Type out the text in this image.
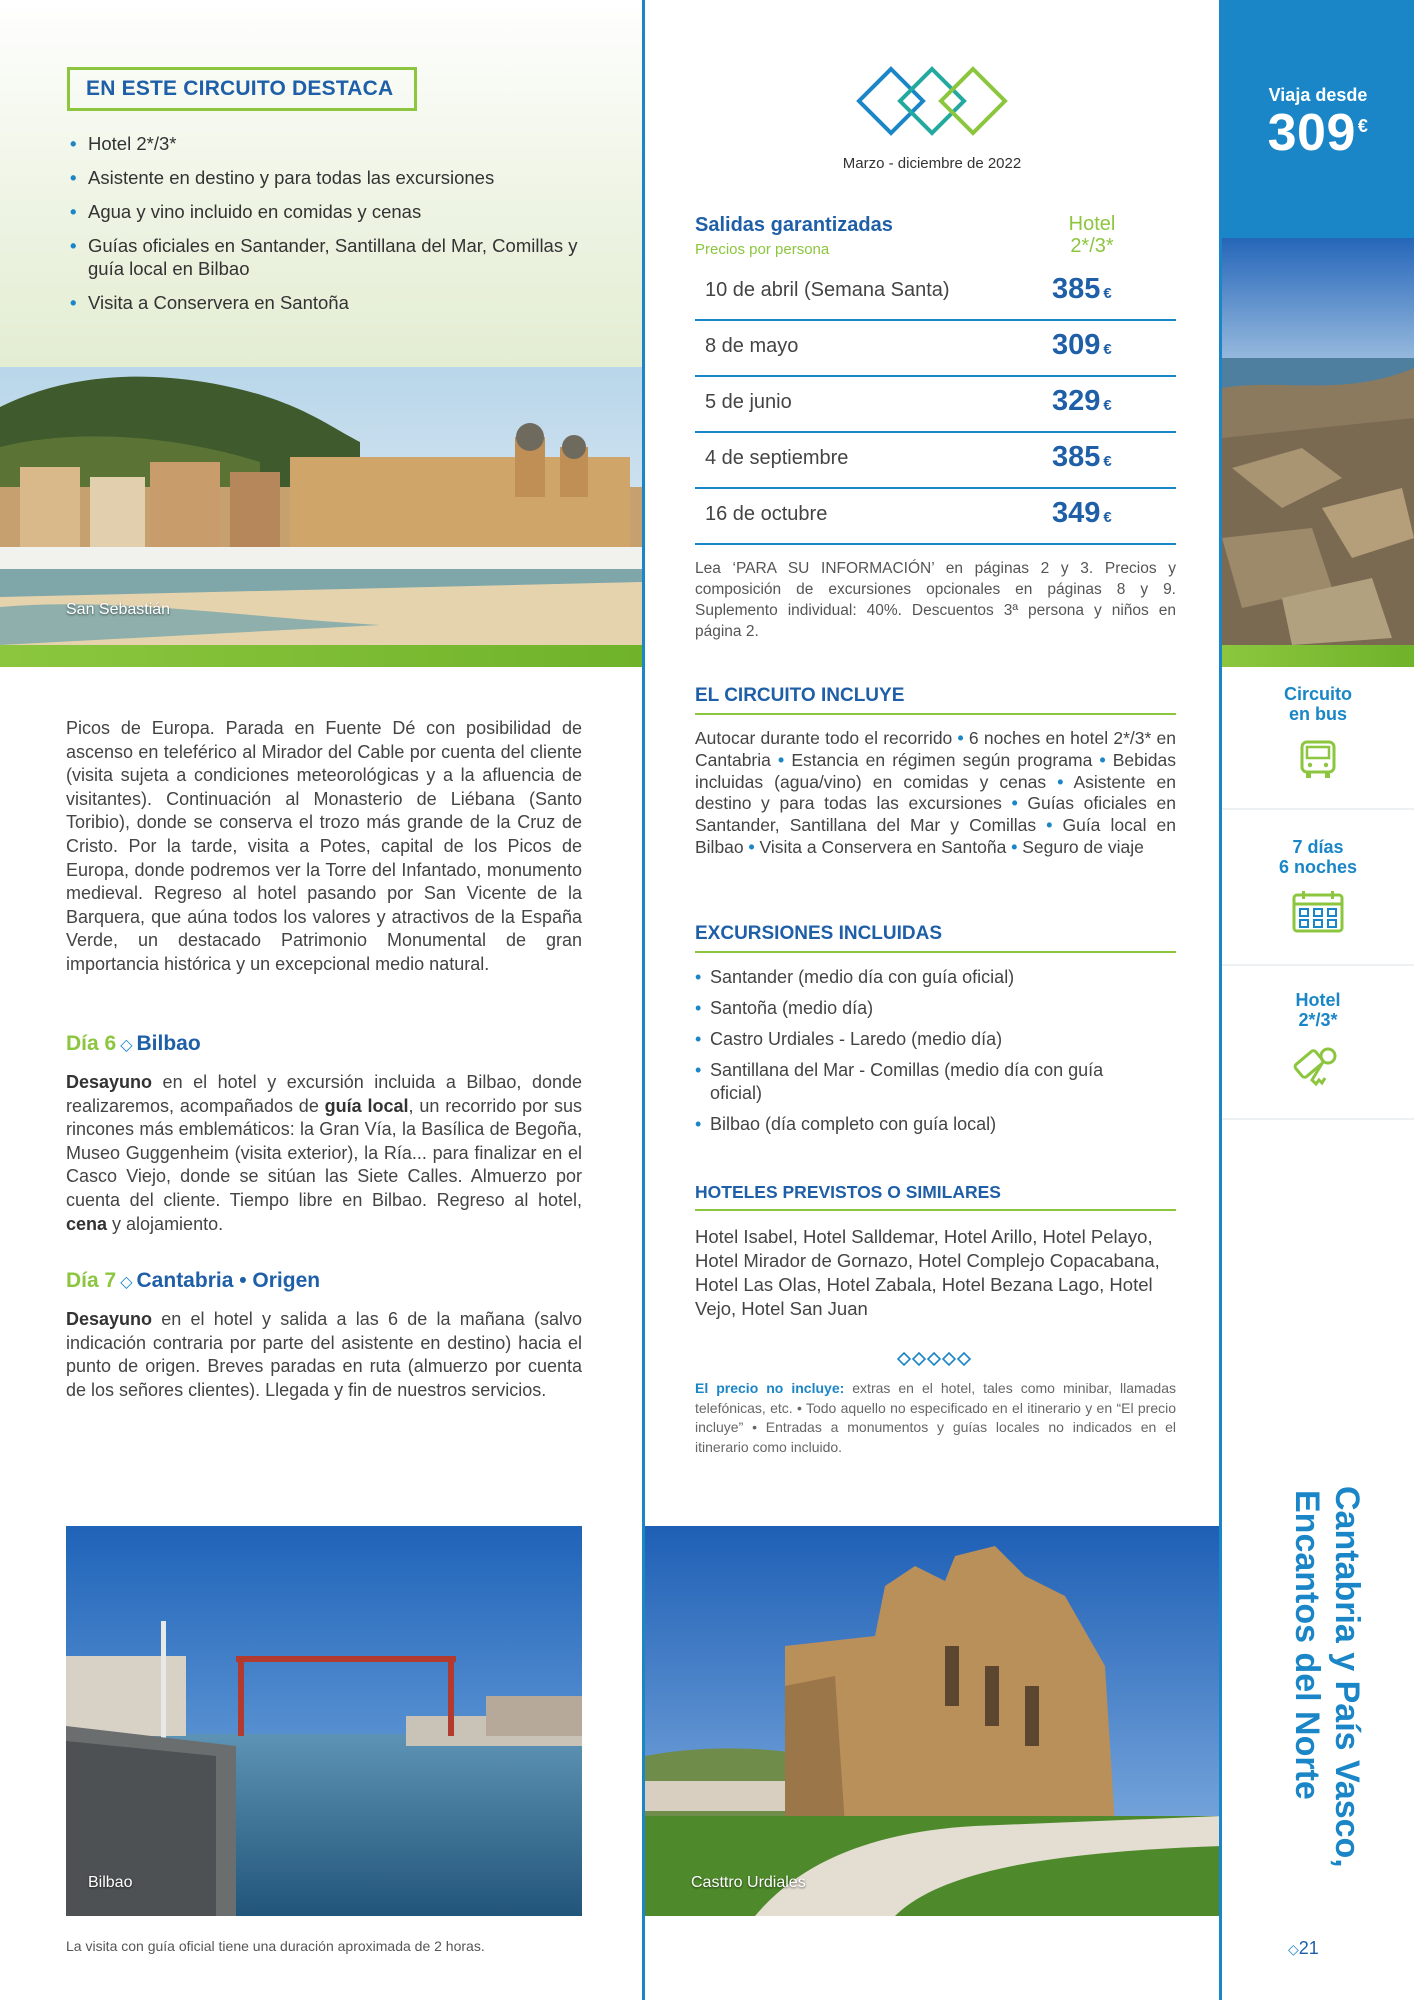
EN ESTE CIRCUITO DESTACA
• Hotel 2*/3*
• Asistente en destino y para todas las excursiones
• Agua y vino incluido en comidas y cenas
• Guías oficiales en Santander, Santillana del Mar, Comillas y guía local en Bilbao
• Visita a Conservera en Santoña
San Sebastián
Picos de Europa. Parada en Fuente Dé con posibilidad de ascenso en teleférico al Mirador del Cable por cuenta del cliente (visita sujeta a condiciones meteorológicas y a la afluencia de visitantes). Continuación al Monasterio de Liébana (Santo Toribio), donde se conserva el trozo más grande de la Cruz de Cristo. Por la tarde, visita a Potes, capital de los Picos de Europa, donde podremos ver la Torre del Infantado, monumento medieval. Regreso al hotel pasando por San Vicente de la Barquera, que aúna todos los valores y atractivos de la España Verde, un destacado Patrimonio Monumental de gran importancia histórica y un excepcional medio natural.
Día 6 ◇ Bilbao
Desayuno en el hotel y excursión incluida a Bilbao, donde realizaremos, acompañados de guía local, un recorrido por sus rincones más emblemáticos: la Gran Vía, la Basílica de Begoña, Museo Guggenheim (visita exterior), la Ría... para finalizar en el Casco Viejo, donde se sitúan las Siete Calles. Almuerzo por cuenta del cliente. Tiempo libre en Bilbao. Regreso al hotel, cena y alojamiento.
Día 7 ◇ Cantabria • Origen
Desayuno en el hotel y salida a las 6 de la mañana (salvo indicación contraria por parte del asistente en destino) hacia el punto de origen. Breves paradas en ruta (almuerzo por cuenta de los señores clientes). Llegada y fin de nuestros servicios.
Bilbao
La visita con guía oficial tiene una duración aproximada de 2 horas.
Marzo - diciembre de 2022
Salidas garantizadas
Precios por persona
Hotel
2*/3*
10 de abril (Semana Santa)	385 €
8 de mayo	309 €
5 de junio	329 €
4 de septiembre	385 €
16 de octubre	349 €
Lea ‘PARA SU INFORMACIÓN’ en páginas 2 y 3. Precios y composición de excursiones opcionales en páginas 8 y 9. Suplemento individual: 40%. Descuentos 3ª persona y niños en página 2.
EL CIRCUITO INCLUYE
Autocar durante todo el recorrido • 6 noches en hotel 2*/3* en Cantabria • Estancia en régimen según programa • Bebidas incluidas (agua/vino) en comidas y cenas • Asistente en destino y para todas las excursiones • Guías oficiales en Santander, Santillana del Mar y Comillas • Guía local en Bilbao • Visita a Conservera en Santoña • Seguro de viaje
EXCURSIONES INCLUIDAS
• Santander (medio día con guía oficial)
• Santoña (medio día)
• Castro Urdiales - Laredo (medio día)
• Santillana del Mar - Comillas (medio día con guía oficial)
• Bilbao (día completo con guía local)
HOTELES PREVISTOS O SIMILARES
Hotel Isabel, Hotel Salldemar, Hotel Arillo, Hotel Pelayo, Hotel Mirador de Gornazo, Hotel Complejo Copacabana, Hotel Las Olas, Hotel Zabala, Hotel Bezana Lago, Hotel Vejo, Hotel San Juan
El precio no incluye: extras en el hotel, tales como minibar, llamadas telefónicas, etc. • Todo aquello no especificado en el itinerario y en “El precio incluye” • Entradas a monumentos y guías locales no indicados en el itinerario como incluido.
Casttro Urdiales
Viaja desde
309 €
Circuito
en bus
7 días
6 noches
Hotel
2*/3*
Cantabria y País Vasco,
Encantos del Norte
◇21
